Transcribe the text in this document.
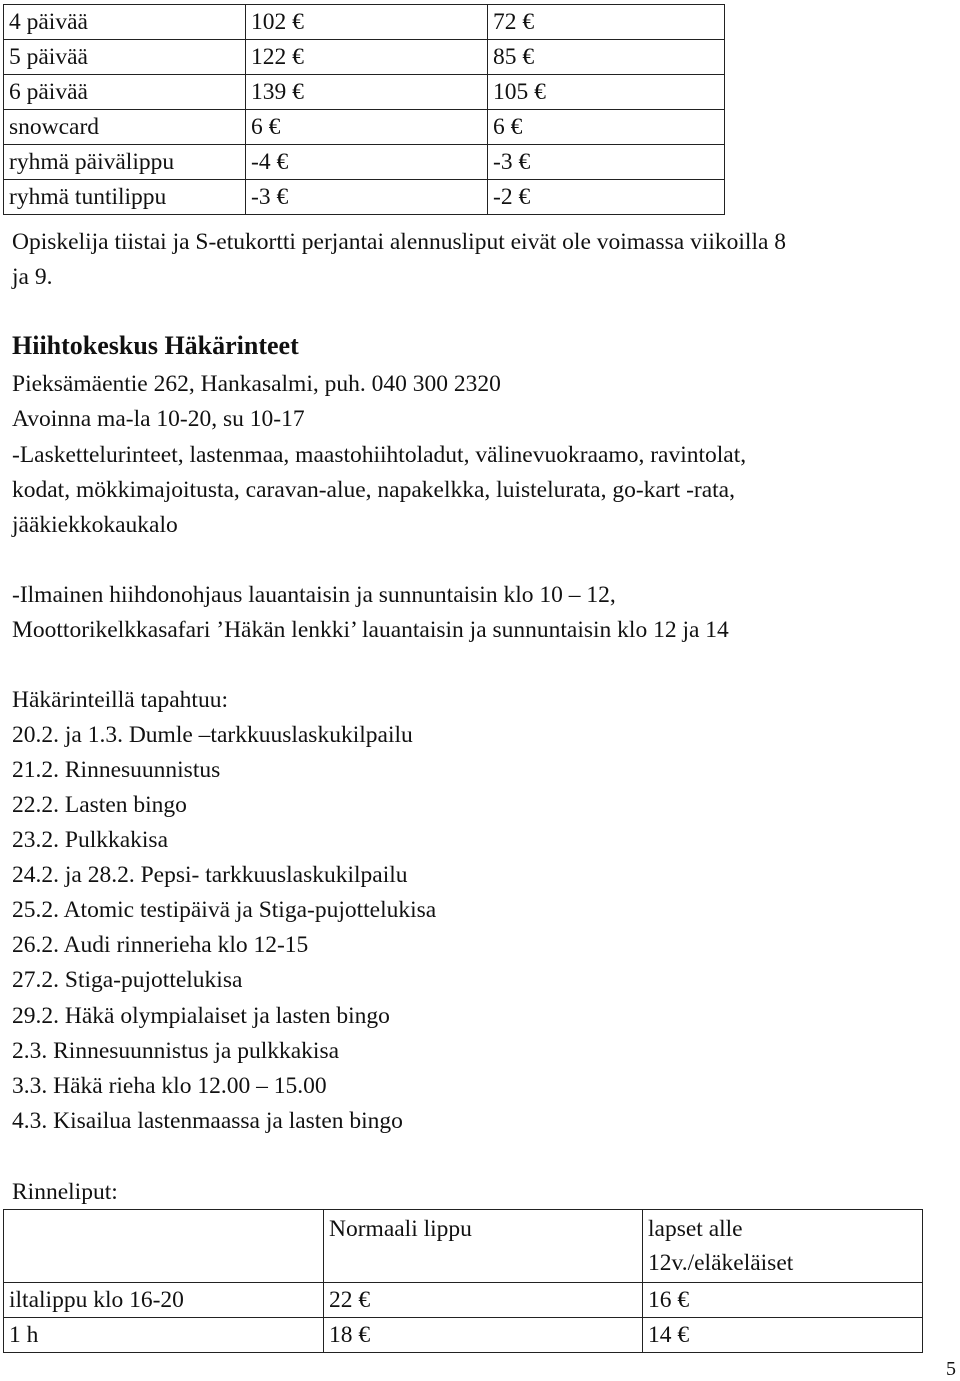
4 päivää	102 €	72 €
5 päivää	122 €	85 €
6 päivää	139 €	105 €
snowcard	6 €	6 €
ryhmä päivälippu	-4 €	-3 €
ryhmä tuntilippu	-3 €	-2 €
Opiskelija tiistai ja S-etukortti perjantai alennusliput eivät ole voimassa viikoilla 8
ja 9.
Hiihtokeskus Häkärinteet
Pieksämäentie 262, Hankasalmi, puh. 040 300 2320
Avoinna ma-la 10-20, su 10-17
-Laskettelurinteet, lastenmaa, maastohiihtoladut, välinevuokraamo, ravintolat,
kodat, mökkimajoitusta, caravan-alue, napakelkka, luistelurata, go-kart -rata,
jääkiekkokaukalo
-Ilmainen hiihdonohjaus lauantaisin ja sunnuntaisin klo 10 – 12,
Moottorikelkkasafari ’Häkän lenkki’ lauantaisin ja sunnuntaisin klo 12 ja 14
Häkärinteillä tapahtuu:
20.2. ja 1.3. Dumle –tarkkuuslaskukilpailu
21.2. Rinnesuunnistus
22.2. Lasten bingo
23.2. Pulkkakisa
24.2. ja 28.2. Pepsi- tarkkuuslaskukilpailu
25.2. Atomic testipäivä ja Stiga-pujottelukisa
26.2. Audi rinnerieha klo 12-15
27.2. Stiga-pujottelukisa
29.2. Häkä olympialaiset ja lasten bingo
2.3. Rinnesuunnistus ja pulkkakisa
3.3. Häkä rieha klo 12.00 – 15.00
4.3. Kisailua lastenmaassa ja lasten bingo
Rinneliput:
	Normaali lippu	lapset alle
12v./eläkeläiset

iltalippu klo 16-20	22 €	16 €
1 h	18 €	14 €
5
